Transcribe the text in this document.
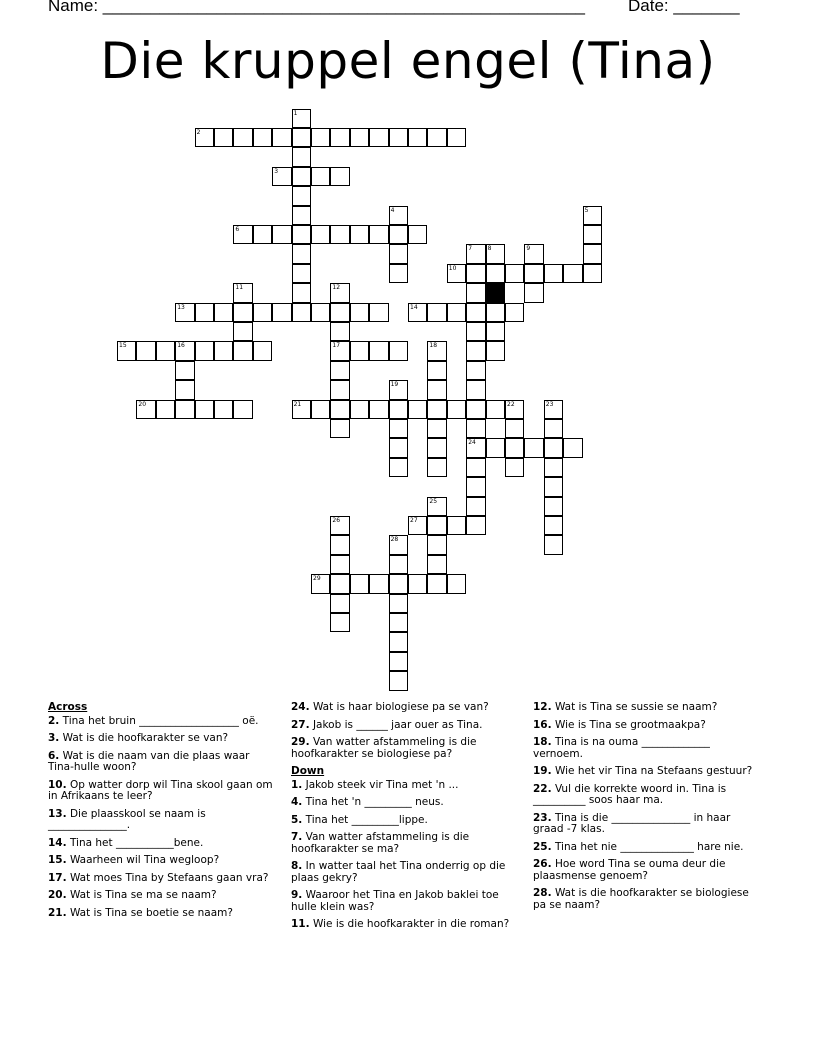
Name: ___________________________________________________	Date: _______
Die kruppel engel (Tina)
2
1
3
4	5
6
7
24
8	9
10
11	12
17
13	14
15	16	18
19
20	21	22	23
25
26	27
28
29
Across
2. Tina het bruin ___________________ oë.
3. Wat is die hoofkarakter se van?
6. Wat is die naam van die plaas waar Tina-hulle woon?
10. Op watter dorp wil Tina skool gaan om in Afrikaans te leer?
13. Die plaasskool se naam is _______________.
14. Tina het ___________bene.
15. Waarheen wil Tina wegloop?
17. Wat moes Tina by Stefaans gaan vra?
20. Wat is Tina se ma se naam?
21. Wat is Tina se boetie se naam?
24. Wat is haar biologiese pa se van?
27. Jakob is ______ jaar ouer as Tina.
29. Van watter afstammeling is die hoofkarakter se biologiese pa?
Down
1. Jakob steek vir Tina met 'n ...
4. Tina het 'n _________ neus.
5. Tina het _________lippe.
7. Van watter afstammeling is die hoofkarakter se ma?
8. In watter taal het Tina onderrig op die plaas gekry?
9. Waaroor het Tina en Jakob baklei toe hulle klein was?
11. Wie is die hoofkarakter in die roman?
12. Wat is Tina se sussie se naam?
16. Wie is Tina se grootmaakpa?
18. Tina is na ouma _____________ vernoem.
19. Wie het vir Tina na Stefaans gestuur?
22. Vul die korrekte woord in. Tina is __________ soos haar ma.
23. Tina is die _______________ in haar graad -7 klas.
25. Tina het nie ______________ hare nie.
26. Hoe word Tina se ouma deur die plaasmense genoem?
28. Wat is die hoofkarakter se biologiese pa se naam?
